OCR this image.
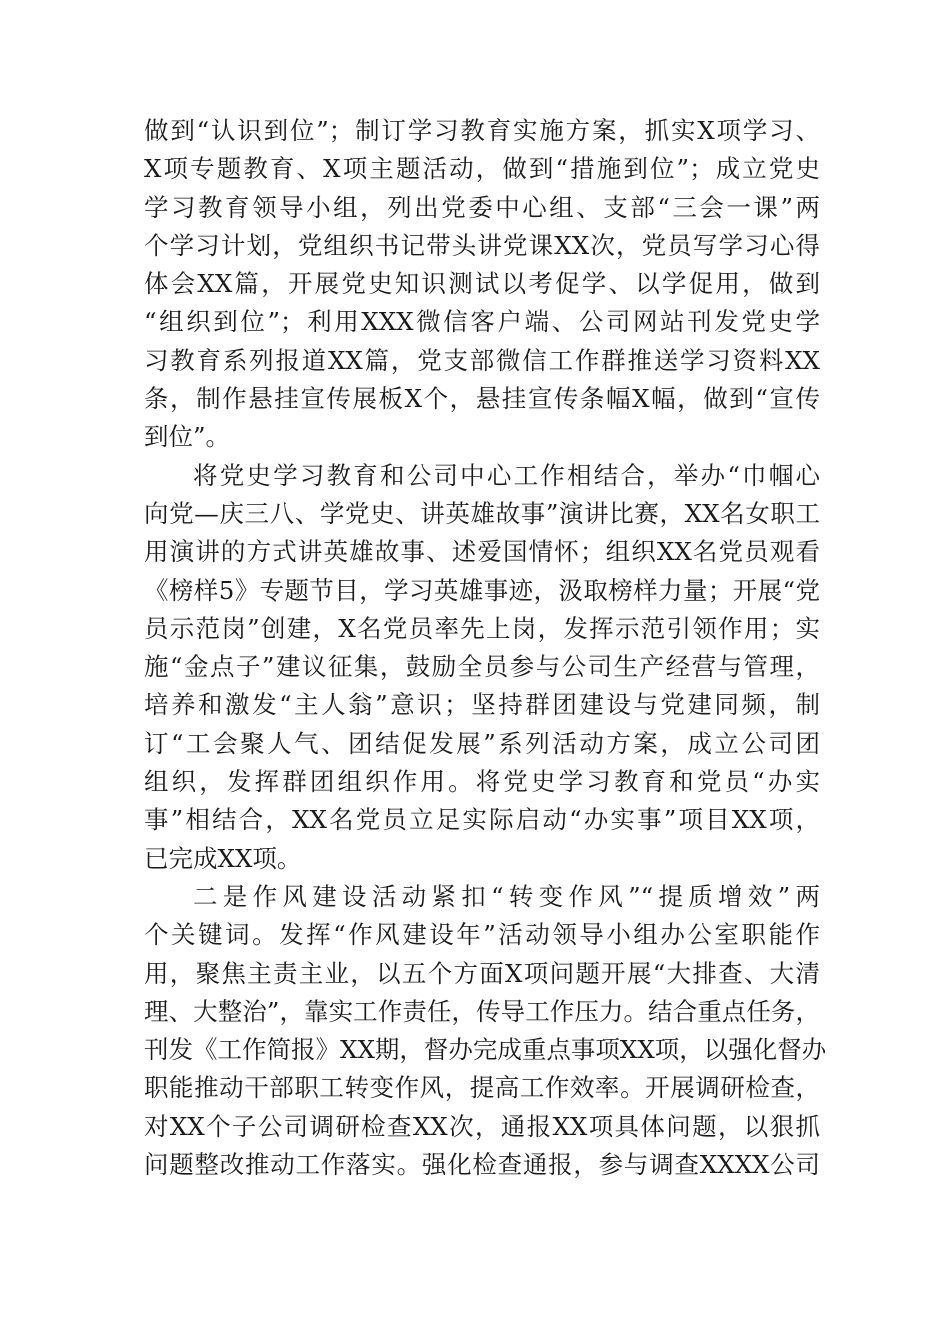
做到“认识到位”；制订学习教育实施方案，抓实X项学习、
X项专题教育、X项主题活动，做到“措施到位”；成立党史
学习教育领导小组，列出党委中心组、支部“三会一课”两
个学习计划，党组织书记带头讲党课XX次，党员写学习心得
体会XX篇，开展党史知识测试以考促学、以学促用，做到
“组织到位”；利用XXX微信客户端、公司网站刊发党史学
习教育系列报道XX篇，党支部微信工作群推送学习资料XX
条，制作悬挂宣传展板X个，悬挂宣传条幅X幅，做到“宣传
到位”。
将党史学习教育和公司中心工作相结合，举办“巾帼心
向党—庆三八、学党史、讲英雄故事”演讲比赛，XX名女职工
用演讲的方式讲英雄故事、述爱国情怀；组织XX名党员观看
《榜样5》专题节目，学习英雄事迹，汲取榜样力量；开展“党
员示范岗”创建，X名党员率先上岗，发挥示范引领作用；实
施“金点子”建议征集，鼓励全员参与公司生产经营与管理，
培养和激发“主人翁”意识；坚持群团建设与党建同频，制
订“工会聚人气、团结促发展”系列活动方案，成立公司团
组织，发挥群团组织作用。将党史学习教育和党员“办实
事”相结合，XX名党员立足实际启动“办实事”项目XX项，
已完成XX项。
二是作风建设活动紧扣“转变作风”“提质增效”两
个关键词。发挥“作风建设年”活动领导小组办公室职能作
用，聚焦主责主业，以五个方面X项问题开展“大排查、大清
理、大整治”，靠实工作责任，传导工作压力。结合重点任务，
刊发《工作简报》XX期，督办完成重点事项XX项，以强化督办
职能推动干部职工转变作风，提高工作效率。开展调研检查，
对XX个子公司调研检查XX次，通报XX项具体问题，以狠抓
问题整改推动工作落实。强化检查通报，参与调查XXXX公司
